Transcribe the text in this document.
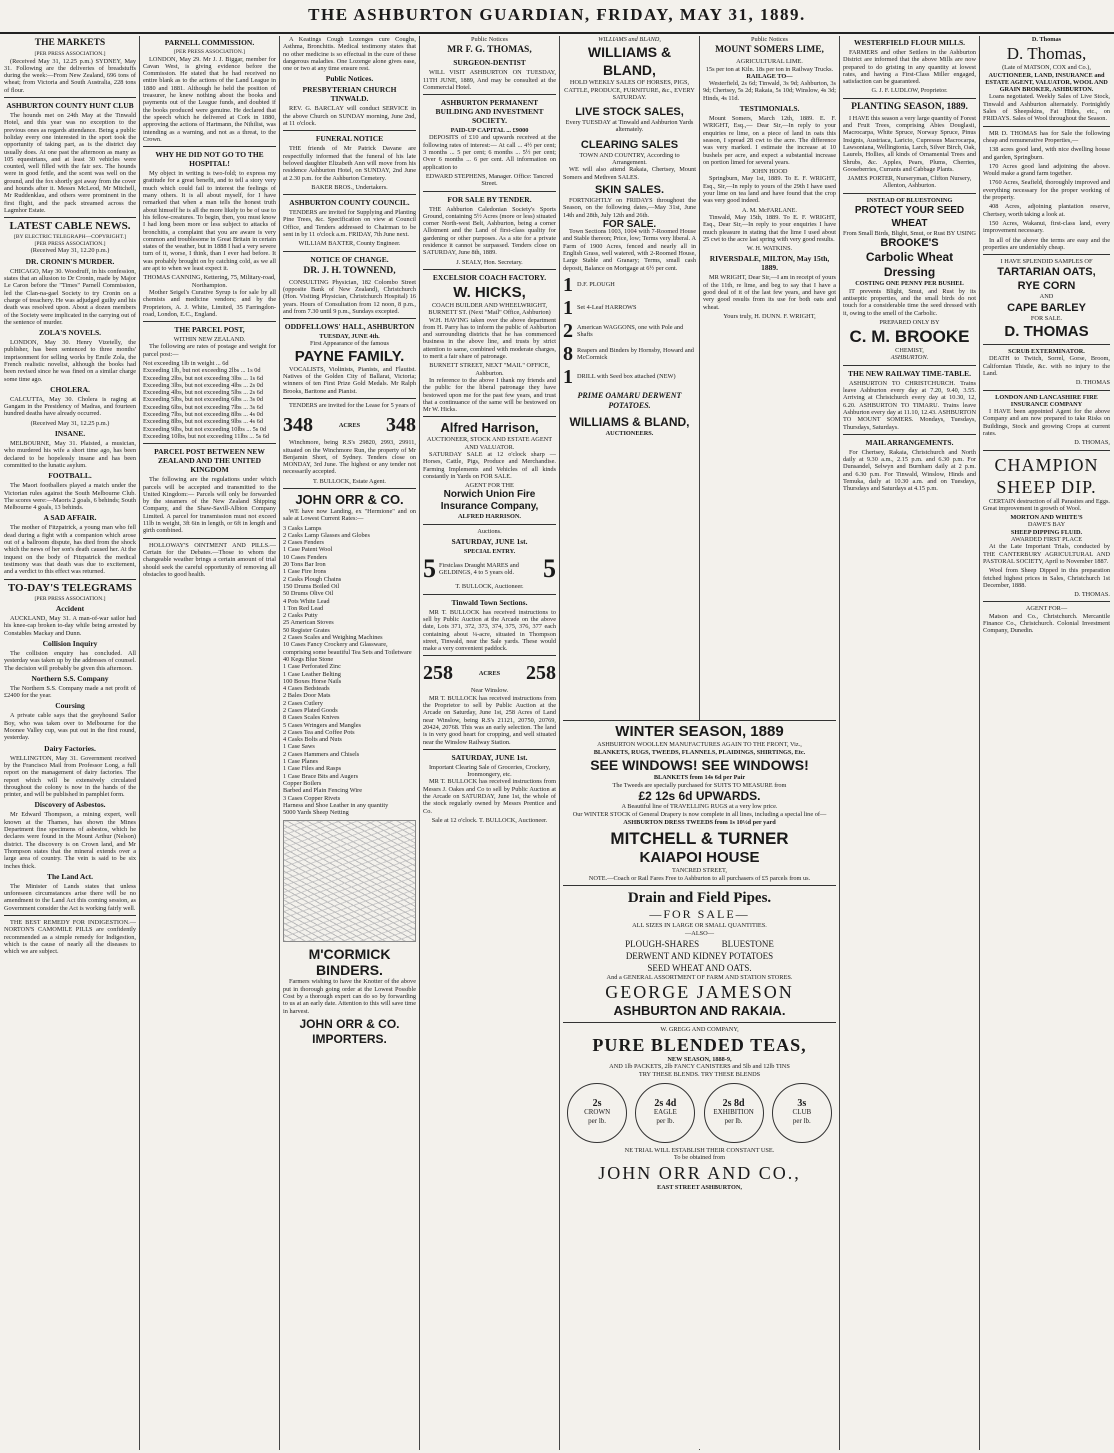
THE ASHBURTON GUARDIAN, FRIDAY, MAY 31, 1889.
THE MARKETS
[PER PRESS ASSOCIATION.]

(Received May 31, 12.25 p.m.) SYDNEY, May 31. Following are the deliveries of breadstuffs during the week:—From New Zealand, 696 tons of wheat; from Victoria and South Australia, 228 tons of flour.

ASHBURTON COUNTY HUNT CLUB

The hounds met on 24th May at the Tinwald Hotel, and this year was no exception to the previous ones as regards attendance. Being a public holiday every one interested in the sport took the opportunity of taking part, as is the district day usually does. At one past the afternoon as many as 105 equestrians, and at least 30 vehicles were counted, well filled with the fair sex. The hounds were in good fettle, and the scent was well on the ground, and the fox shortly got away from the cover and hounds after it. Messrs McLeod, Mr Mitchell, Mr Ruddenklau, and others were prominent in the first flight, and the pack streamed across the Lagmhor Estate.

LATEST CABLE NEWS.
[BY ELECTRIC TELEGRAPH—COPYRIGHT.]
[PER PRESS ASSOCIATION.]
(Received May 31, 12.20 p.m.)
DR. CRONIN'S MURDER.

CHICAGO, May 30. Woodruff, in his confession, states that an allusion to Dr Cronin, made by Major Le Caron before the "Times" Parnell Commission, led the Clan-na-gael Society to try Cronin on a charge of treachery. He was adjudged guilty and his death was resolved upon. About a dozen members of the Society were implicated in the carrying out of the sentence of murder.

ZOLA'S NOVELS.

LONDON, May 30. Henry Vizetelly, the publisher, has been sentenced to three months' imprisonment for selling works by Emile Zola, the French realistic novelist, although the books had been revised since he was fined on a similar charge some time ago.

CHOLERA.

CALCUTTA, May 30. Cholera is raging at Gangam in the Presidency of Madras, and fourteen hundred deaths have already occurred.

(Received May 31, 12.25 p.m.)
INSANE.

MELBOURNE, May 31. Plaisted, a musician, who murdered his wife a short time ago, has been declared to be hopelessly insane and has been committed to the lunatic asylum.

FOOTBALL.

The Maori footballers played a match under the Victorian rules against the South Melbourne Club. The scores were:—Maoris 2 goals, 6 behinds; South Melbourne 4 goals, 13 behinds.

A SAD AFFAIR.

The mother of Fitzpatrick, a young man who fell dead during a fight with a companion which arose out of a ballroom dispute, has died from the shock which the news of her son's death caused her. At the inquest on the body of Fitzpatrick the medical testimony was that death was due to excitement, and a verdict to this effect was returned.

TO-DAY'S TELEGRAMS
[PER PRESS ASSOCIATION.]
Accident

AUCKLAND, May 31. A man-of-war sailor had his knee-cap broken to-day while being arrested by Constables Mackay and Dunn.

Collision Inquiry

The collision enquiry has concluded. All yesterday was taken up by the addresses of counsel. The decision will probably be given this afternoon.

Northern S.S. Company

The Northern S.S. Company made a net profit of £2400 for the year.

Coursing

A private cable says that the greyhound Sailor Boy, who was taken over to Melbourne for the Moonee Valley cup, was put out in the first round, yesterday.

Dairy Factories.

WELLINGTON, May 31. Government received by the Francisco Mail from Professor Long, a full report on the management of dairy factories. The report which will be extensively circulated throughout the colony is now in the hands of the printer, and will be published in pamphlet form.

Discovery of Asbestos.

Mr Edward Thompson, a mining expert, well known at the Thames, has shown the Mines Department fine specimens of asbestos, which he declares were found in the Mount Arthur (Nelson) district. The discovery is on Crown land, and Mr Thompson states that the mineral extends over a large area of country. The vein is said to be six inches thick.

The Land Act.

The Minister of Lands states that unless unforeseen circumstances arise there will be no amendment to the Land Act this coming session, as Government consider the Act is working fairly well.

THE BEST REMEDY FOR INDIGESTION.— NORTON'S CAMOMILE PILLS are confidently recommended as a simple remedy for Indigestion, which is the cause of nearly all the diseases to which we are subject.

PARNELL COMMISSION.
[PER PRESS ASSOCIATION.]

LONDON, May 29. Mr J. J. Biggar, member for Cavan West, is giving evidence before the Commission. He stated that he had received no entire blank as to the actions of the Land League in 1880 and 1881. Although he held the position of treasurer, he knew nothing about the books and payments out of the League funds, and doubted if the books produced were genuine. He declared that the speech which he delivered at Cork in 1880, approving the actions of Hartmann, the Nihilist, was intending as a warning, and not as a threat, to the Crown.

WHY HE DID NOT GO TO THE HOSPITAL!

My object in writing is two-fold; to express my gratitude for a great benefit, and to tell a story very much which could fail to interest the feelings of many others. It is all about myself, for I have remarked that when a man tells the honest truth about himself he is all the more likely to be of use to his fellow-creatures. To begin, then, you must know I had long been more or less subject to attacks of bronchitis, a complaint that you are aware is very common and troublesome in Great Britain in certain states of the weather, but in 1888 I had a very severe turn of it, worse, I think, than I ever had before. It was probably brought on by catching cold, as we all are apt to when we least expect it.

THOMAS CANNING, Kettering, 75, Military-road, Northampton.

Mother Seigel's Curative Syrup is for sale by all chemists and medicine vendors; and by the Proprietors, A. J. White, Limited, 35 Farringdon-road, London, E.C., England.

THE PARCEL POST,
WITHIN NEW ZEALAND.

The following are rates of postage and weight for parcel post:—

Not exceeding 1lb in weight ... 6d
Exceeding 1lb, but not exceeding 2lbs ... 1s 0d
Exceeding 2lbs, but not exceeding 3lbs ... 1s 6d
Exceeding 3lbs, but not exceeding 4lbs ... 2s 0d
Exceeding 4lbs, but not exceeding 5lbs ... 2s 6d
Exceeding 5lbs, but not exceeding 6lbs ... 3s 0d
Exceeding 6lbs, but not exceeding 7lbs ... 3s 6d
Exceeding 7lbs, but not exceeding 8lbs ... 4s 0d
Exceeding 8lbs, but not exceeding 9lbs ... 4s 6d
Exceeding 9lbs, but not exceeding 10lbs ... 5s 0d
Exceeding 10lbs, but not exceeding 11lbs ... 5s 6d
PARCEL POST BETWEEN NEW ZEALAND AND THE UNITED KINGDOM

The following are the regulations under which parcels will be accepted and transmitted to the United Kingdom:— Parcels will only be forwarded by the steamers of the New Zealand Shipping Company, and the Shaw-Savill-Albion Company Limited. A parcel for transmission must not exceed 11lb in weight, 3ft 6in in length, or 6ft in length and girth combined.

HOLLOWAY'S OINTMENT AND PILLS.— Certain for the Debates.—Those to whom the changeable weather brings a certain amount of trial should seek the careful opportunity of removing all obstacles to good health.

A Keatings Cough Lozenges cure Coughs, Asthma, Bronchitis. Medical testimony states that no other medicine is so effectual in the cure of these dangerous maladies. One Lozenge alone gives ease, one or two at any time ensure rest.

Public Notices.
PRESBYTERIAN CHURCH TINWALD.

REV. G. BARCLAY will conduct SERVICE in the above Church on SUNDAY morning, June 2nd, at 11 o'clock.

FUNERAL NOTICE

THE friends of Mr Patrick Davane are respectfully informed that the funeral of his late beloved daughter Elizabeth Ann will move from his residence Ashburton Hotel, on SUNDAY, 2nd June at 2.30 p.m. for the Ashburton Cemetery.

BAKER BROS., Undertakers.
ASHBURTON COUNTY COUNCIL.

TENDERS are invited for Supplying and Planting Pine Trees, &c. Specification on view at Council Office, and Tenders addressed to Chairman to be sent in by 11 o'clock a.m. FRIDAY, 7th June next.

WILLIAM BAXTER, County Engineer.
NOTICE OF CHANGE.
DR. J. H. TOWNEND,

CONSULTING Physician, 182 Colombo Street (opposite Bank of New Zealand), Christchurch (Hon. Visiting Physician, Christchurch Hospital) 16 years. Hours of Consultation from 12 noon, 8 p.m., and from 7.30 until 9 p.m., Sundays excepted.

ODDFELLOWS' HALL, ASHBURTON
TUESDAY, JUNE 4th.
First Appearance of the famous
PAYNE FAMILY.

VOCALISTS, Violinists, Pianists, and Flautist. Natives of the Golden City of Ballarat, Victoria; winners of ten First Prize Gold Medals. Mr Ralph Brooks, Baritone and Pianist.

TENDERS are invited for the Lease for 5 years of

348	ACRES 348

Winchmore, being R.S's 29820, 2993, 29911, situated on the Winchmore Run, the property of Mr Benjamin Short, of Sydney. Tenders close on MONDAY, 3rd June. The highest or any tender not necessarily accepted.

T. BULLOCK, Estate Agent.
JOHN ORR & CO.

WE have now Landing, ex "Hermione" and on sale at Lowest Current Rates:—

3 Casks Lamps
2 Casks Lamp Glasses and Globes
2 Cases Fenders
1 Case Patent Wool
10 Cases Fenders
20 Tons Bar Iron
1 Case Fire Irons
2 Casks Plough Chains
150 Drums Boiled Oil
50 Drums Olive Oil
4 Pots White Lead
1 Ton Red Lead
2 Casks Putty
25 American Stoves
50 Register Grates
2 Cases Scales and Weighing Machines
10 Cases Fancy Crockery and Glassware, comprising some beautiful Tea Sets and Toiletware
40 Kegs Blue Stone
1 Case Perforated Zinc
1 Case Leather Belting
100 Boxes Horse Nails
4 Cases Bedsteads
2 Bales Door Mats
2 Cases Cutlery
2 Cases Plated Goods
8 Cases Scales Knives
5 Cases Wringers and Mangles
2 Cases Tea and Coffee Pots
4 Casks Bolts and Nuts
1 Case Saws
2 Cases Hammers and Chisels
1 Case Planes
1 Case Files and Rasps
1 Case Brace Bits and Augers
Copper Boilers
Barbed and Plain Fencing Wire
3 Cases Copper Rivets
Harness and Shoe Leather in any quantity
5000 Yards Sheep Netting
M'CORMICK BINDERS.

Farmers wishing to have the Knotter of the above put in thorough going order at the Lowest Possible Cost by a thorough expert can do so by forwarding to us at an early date. Attention to this will save time in harvest.

JOHN ORR & CO. IMPORTERS.
Public Notices
MR F. G. THOMAS,
SURGEON-DENTIST

WILL VISIT ASHBURTON ON TUESDAY, 11TH JUNE, 1889, And may be consulted at the Commercial Hotel.

ASHBURTON PERMANENT BUILDING AND INVESTMENT SOCIETY.
PAID-UP CAPITAL ... £9000

DEPOSITS of £10 and upwards received at the following rates of interest:— At call ... 4½ per cent; 3 months ... 5 per cent; 6 months ... 5½ per cent; Over 6 months ... 6 per cent. All information on application to

EDWARD STEPHENS, Manager. Office: Tancred Street.
FOR SALE BY TENDER.

THE Ashburton Caledonian Society's Sports Ground, containing 5½ Acres (more or less) situated corner North-west Belt, Ashburton, being a corner Allotment and the Land of first-class quality for gardening or other purposes. As a site for a private residence it cannot be surpassed. Tenders close on SATURDAY, June 8th, 1889.

J. SEALY, Hon. Secretary.
EXCELSIOR COACH FACTORY.
W. HICKS,
COACH BUILDER AND WHEELWRIGHT, BURNETT ST. (Next "Mail" Office, Ashburton)

W.H. HAVING taken over the above department from H. Parry has to inform the public of Ashburton and surrounding districts that he has commenced business in the above line, and trusts by strict attention to same, combined with moderate charges, to merit a fair share of patronage.

BURNETT STREET, NEXT "MAIL" OFFICE, Ashburton.

In reference to the above I thank my friends and the public for the liberal patronage they have bestowed upon me for the past few years, and trust that a continuance of the same will be bestowed on Mr W. Hicks.

Alfred Harrison,
AUCTIONEER, STOCK AND ESTATE AGENT AND VALUATOR.

SATURDAY SALE at 12 o'clock sharp — Horses, Cattle, Pigs, Produce and Merchandise. Farming Implements and Vehicles of all kinds constantly in Yards on FOR SALE.

AGENT FOR THE
Norwich Union Fire Insurance Company,
ALFRED HARRISON.
Auctions.
SATURDAY, JUNE 1st.
SPECIAL ENTRY.
5 Firstclass Draught MARES and GELDINGS, 4 to 5 years old.	5
T. BULLOCK, Auctioneer.
Tinwald Town Sections.

MR T. BULLOCK has received instructions to sell by Public Auction at the Arcade on the above date, Lots 371, 372, 373, 374, 375, 376, 377 each containing about ¼-acre, situated in Thompson street, Tinwald, near the Sale yards. These would make a very convenient paddock.

258	ACRES 258
Near Winslow.

MR T. BULLOCK has received instructions from the Proprietor to sell by Public Auction at the Arcade on Saturday, June 1st, 258 Acres of Land near Winslow, being R.S's 21121, 20750, 20769, 20424, 20768. This was an early selection. The land is in very good heart for cropping, and well situated near the Winslow Railway Station.

SATURDAY, JUNE 1st.
Important Clearing Sale of Groceries, Crockery, Ironmongery, etc.

MR T. BULLOCK has received instructions from Messrs J. Oakes and Co to sell by Public Auction at the Arcade on SATURDAY, June 1st, the whole of the stock regularly owned by Messrs Prentice and Co.

Sale at 12 o'clock. T. BULLOCK, Auctioneer.
WILLIAMS and BLAND,
WILLIAMS & BLAND,
HOLD WEEKLY SALES OF HORSES, PIGS, CATTLE, PRODUCE, FURNITURE, &c., EVERY SATURDAY.
LIVE STOCK SALES,
Every TUESDAY at Tinwald and Ashburton Yards alternately.
CLEARING SALES
TOWN AND COUNTRY, According to Arrangement.

WE will also attend Rakaia, Chertsey, Mount Somers and Methven SALES.

SKIN SALES.

FORTNIGHTLY on FRIDAYS throughout the Season, on the following dates,—May 31st, June 14th and 28th, July 12th and 26th.

FOR SALE.

Town Sections 1003, 1004 with 7-Roomed House and Stable thereon; Price, low; Terms very liberal. A Farm of 1900 Acres, fenced and nearly all in English Grass, well watered, with 2-Roomed House, Large Stable and Granary; Terms, small cash deposit, Balance on Mortgage at 6½ per cent.

1 D.F. PLOUGH
1 Set 4-Leaf HARROWS
2 American WAGGONS, one with Pole and Shafts
8 Reapers and Binders by Hornsby, Howard and McCormick
1 DRILL with Seed box attached (NEW)
PRIME OAMARU DERWENT POTATOES.
WILLIAMS & BLAND,
AUCTIONEERS.
Public Notices
MOUNT SOMERS LIME,
AGRICULTURAL LIME.
15s per ton at Kiln. 18s per ton in Railway Trucks.
RAILAGE TO—

Westerfield, 2s 6d; Tinwald, 3s 9d; Ashburton, 3s 9d; Chertsey, 5s 2d; Rakaia, 5s 10d; Winslow, 4s 3d; Hinds, 4s 11d.

TESTIMONIALS.

Mount Somers, March 12th, 1889. E. F. WRIGHT, Esq.,— Dear Sir,—In reply to your enquiries re lime, on a piece of land in oats this season, I spread 28 cwt to the acre. The difference was very marked. I estimate the increase at 10 bushels per acre, and expect a substantial increase on portion limed for several years.

JOHN HOOD

Springburn, May 1st, 1889. To E. F. WRIGHT, Esq., Sir,—In reply to yours of the 29th I have used your lime on tea land and have found that the crop was very good indeed.

A. M. McFARLANE.

Tinwald, May 15th, 1889. To E. F. WRIGHT, Esq., Dear Sir,—In reply to your enquiries I have much pleasure in stating that the lime I used about 25 cwt to the acre last spring with very good results.

W. H. WATKINS.
RIVERSDALE, MILTON, May 15th, 1889.

MR WRIGHT, Dear Sir,—I am in receipt of yours of the 11th, re lime, and beg to say that I have a good deal of it of the last few years, and have got very good results from its use for both oats and wheat.

Yours truly, H. DUNN. F. WRIGHT,
WINTER SEASON, 1889
ASHBURTON WOOLLEN MANUFACTURES AGAIN TO THE FRONT, Viz.,
BLANKETS, RUGS, TWEEDS, FLANNELS, PLAIDINGS, SHIRTINGS, Etc.
SEE WINDOWS! SEE WINDOWS!
BLANKETS from 14s 6d per Pair
The Tweeds are specially purchased for SUITS TO MEASURE from
£2 12s 6d UPWARDS.
A Beautiful line of TRAVELLING RUGS at a very low price.
Our WINTER STOCK of General Drapery is now complete in all lines, including a special line of—
ASHBURTON DRESS TWEEDS from 1s 10½d per yard
MITCHELL & TURNER
KAIAPOI HOUSE
TANCRED STREET,
NOTE.—Coach or Rail Fares Free to Ashburton to all purchasers of £5 parcels from us.
Drain and Field Pipes.
—FOR SALE—
ALL SIZES IN LARGE OR SMALL QUANTITIES.
—ALSO—
PLOUGH-SHARES          BLUESTONE
DERWENT AND KIDNEY POTATOES
SEED WHEAT AND OATS.
And a GENERAL ASSORTMENT OF FARM AND STATION STORES.
GEORGE JAMESON
ASHBURTON AND RAKAIA.
W. GREGG AND COMPANY,
PURE BLENDED TEAS,
NEW SEASON, 1888-9,
AND 1lb PACKETS, 2lb FANCY CANISTERS and 5lb and 12lb TINS
TRY THESE BLENDS. TRY THESE BLENDS
2s
CROWN
per lb.
2s 4d
EAGLE
per lb.
2s 8d
EXHIBITION
per lb.
3s
CLUB
per lb.
NE TRIAL WILL ESTABLISH THEIR CONSTANT USE.
To be obtained from
JOHN ORR AND CO.,
EAST STREET ASHBURTON,
WESTERFIELD FLOUR MILLS.

FARMERS and other Settlers in the Ashburton District are informed that the above Mills are now prepared to do gristing in any quantity at lowest rates, and having a First-Class Miller engaged, satisfaction can be guaranteed.

G. J. F. LUDLOW, Proprietor.
PLANTING SEASON, 1889.

I HAVE this season a very large quantity of Forest and Fruit Trees, comprising Abies Douglasii, Macrocarpa, White Spruce, Norway Spruce, Pinus Insignis, Austriaca, Laricio, Cupressus Macrocarpa, Lawsoniana, Wellingtonia, Larch, Silver Birch, Oak, Laurels, Hollies, all kinds of Ornamental Trees and Shrubs, &c. Apples, Pears, Plums, Cherries, Gooseberries, Currants and Cabbage Plants.

JAMES PORTER, Nurseryman, Clifton Nursery, Allenton, Ashburton.
INSTEAD OF BLUESTONING
PROTECT YOUR SEED WHEAT
From Small Birds, Blight, Smut, or Rust BY USING
BROOKE'S
Carbolic Wheat Dressing
COSTING ONE PENNY PER BUSHEL

IT prevents Blight, Smut, and Rust by its antiseptic properties, and the small birds do not touch for a considerable time the seed dressed with it, owing to the smell of the Carbolic.

PREPARED ONLY BY
C. M. BROOKE
CHEMIST,
ASHBURTON.
THE NEW RAILWAY TIME-TABLE.

ASHBURTON TO CHRISTCHURCH. Trains leave Ashburton every day at 7.20, 9.40, 3.55. Arriving at Christchurch every day at 10.30, 12, 6.20. ASHBURTON TO TIMARU. Trains leave Ashburton every day at 11.10, 12.43. ASHBURTON TO MOUNT SOMERS. Mondays, Tuesdays, Thursdays, Saturdays.

MAIL ARRANGEMENTS.

For Chertsey, Rakaia, Christchurch and North daily at 9.30 a.m., 2.15 p.m. and 6.30 p.m. For Dunsandel, Selwyn and Burnham daily at 2 p.m. and 6.30 p.m. For Tinwald, Winslow, Hinds and Temuka, daily at 10.30 a.m. and on Tuesdays, Thursdays and Saturdays at 4.15 p.m.

D. Thomas
D. Thomas,
(Late of MATSON, COX and Co.),
AUCTIONEER, LAND, INSURANCE and ESTATE AGENT, VALUATOR, WOOL AND GRAIN BROKER, ASHBURTON.

Loans negotiated. Weekly Sales of Live Stock, Tinwald and Ashburton alternately. Fortnightly Sales of Sheepskins, Fat Hides, etc., on FRIDAYS. Sales of Wool throughout the Season.

MR D. THOMAS has for Sale the following cheap and remunerative Properties,—

138 acres good land, with nice dwelling house and garden, Springburn.

170 Acres good land adjoining the above. Would make a grand farm together.

1760 Acres, Seafield, thoroughly improved and everything necessary for the proper working of the property.

408 Acres, adjoining plantation reserve, Chertsey, worth taking a look at.

150 Acres, Wakanui, first-class land, every improvement necessary.

In all of the above the terms are easy and the properties are undeniably cheap.

I HAVE SPLENDID SAMPLES OF
TARTARIAN OATS,
RYE CORN
AND
CAPE BARLEY
FOR SALE.
D. THOMAS
SCRUB EXTERMINATOR.

DEATH to Twitch, Sorrel, Gorse, Broom, Californian Thistle, &c. with no injury to the Land.

D. THOMAS
LONDON AND LANCASHIRE FIRE INSURANCE COMPANY

I HAVE been appointed Agent for the above Company and am now prepared to take Risks on Buildings, Stock and growing Crops at current rates.

D. THOMAS,
CHAMPION
SHEEP DIP.

CERTAIN destruction of all Parasites and Eggs. Great improvement in growth of Wool.

MORTON AND WHITE'S
DAWE'S BAY
SHEEP DIPPING FLUID.
AWARDED FIRST PLACE

At the Late Important Trials, conducted by THE CANTERBURY AGRICULTURAL AND PASTORAL SOCIETY, April to November 1887.

Wool from Sheep Dipped in this preparation fetched highest prices in Sales, Christchurch 1st December, 1888.

D. THOMAS.
AGENT FOR—

Matson and Co., Christchurch. Mercantile Finance Co., Christchurch. Colonial Investment Company, Dunedin.
